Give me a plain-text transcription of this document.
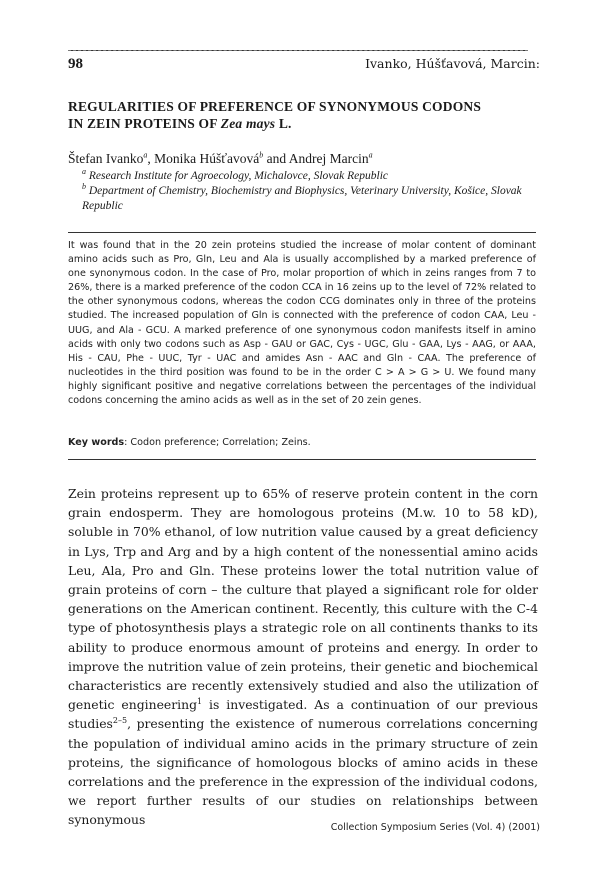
98	Ivanko, Húšťavová, Marcin:
REGULARITIES OF PREFERENCE OF SYNONYMOUS CODONS
IN ZEIN PROTEINS OF Zea mays L.
Štefan Ivanko$^a$, Monika Húšťavová$^b$ and Andrej Marcin$^a$
$^a$ Research Institute for Agroecology, Michalovce, Slovak Republic
$^b$ Department of Chemistry, Biochemistry and Biophysics, Veterinary University, Košice, Slovak Republic
It was found that in the 20 zein proteins studied the increase of molar content of dominant amino acids such as Pro, Gln, Leu and Ala is usually accomplished by a marked preference of one synonymous codon. In the case of Pro, molar proportion of which in zeins ranges from 7 to 26%, there is a marked preference of the codon CCA in 16 zeins up to the level of 72% related to the other synonymous codons, whereas the codon CCG dominates only in three of the proteins studied. The increased population of Gln is connected with the preference of codon CAA, Leu - UUG, and Ala - GCU. A marked preference of one synonymous codon manifests itself in amino acids with only two codons such as Asp - GAU or GAC, Cys - UGC, Glu - GAA, Lys - AAG, or AAA, His - CAU, Phe - UUC, Tyr - UAC and amides Asn - AAC and Gln - CAA. The preference of nucleotides in the third position was found to be in the order C > A > G > U. We found many highly significant positive and negative correlations between the percentages of the individual codons concerning the amino acids as well as in the set of 20 zein genes.
Key words: Codon preference; Correlation; Zeins.

Zein proteins represent up to 65% of reserve protein content in the corn grain endosperm. They are homologous proteins (M.w. 10 to 58 kD), soluble in 70% ethanol, of low nutrition value caused by a great deficiency in Lys, Trp and Arg and by a high content of the nonessential amino acids Leu, Ala, Pro and Gln. These proteins lower the total nutrition value of grain proteins of corn – the culture that played a significant role for older generations on the American continent. Recently, this culture with the C-4 type of photosynthesis plays a strategic role on all continents thanks to its ability to produce enormous amount of proteins and energy. In order to improve the nutrition value of zein proteins, their genetic and biochemical characteristics are recently extensively studied and also the utilization of genetic engineering$^1$ is investigated. As a continuation of our previous studies$^{2-5}$, presenting the existence of numerous correlations concerning the population of individual amino acids in the primary structure of zein proteins, the significance of homologous blocks of amino acids in these correlations and the preference in the expression of the individual codons, we report further results of our studies on relationships between synonymous

Collection Symposium Series (Vol. 4) (2001)
